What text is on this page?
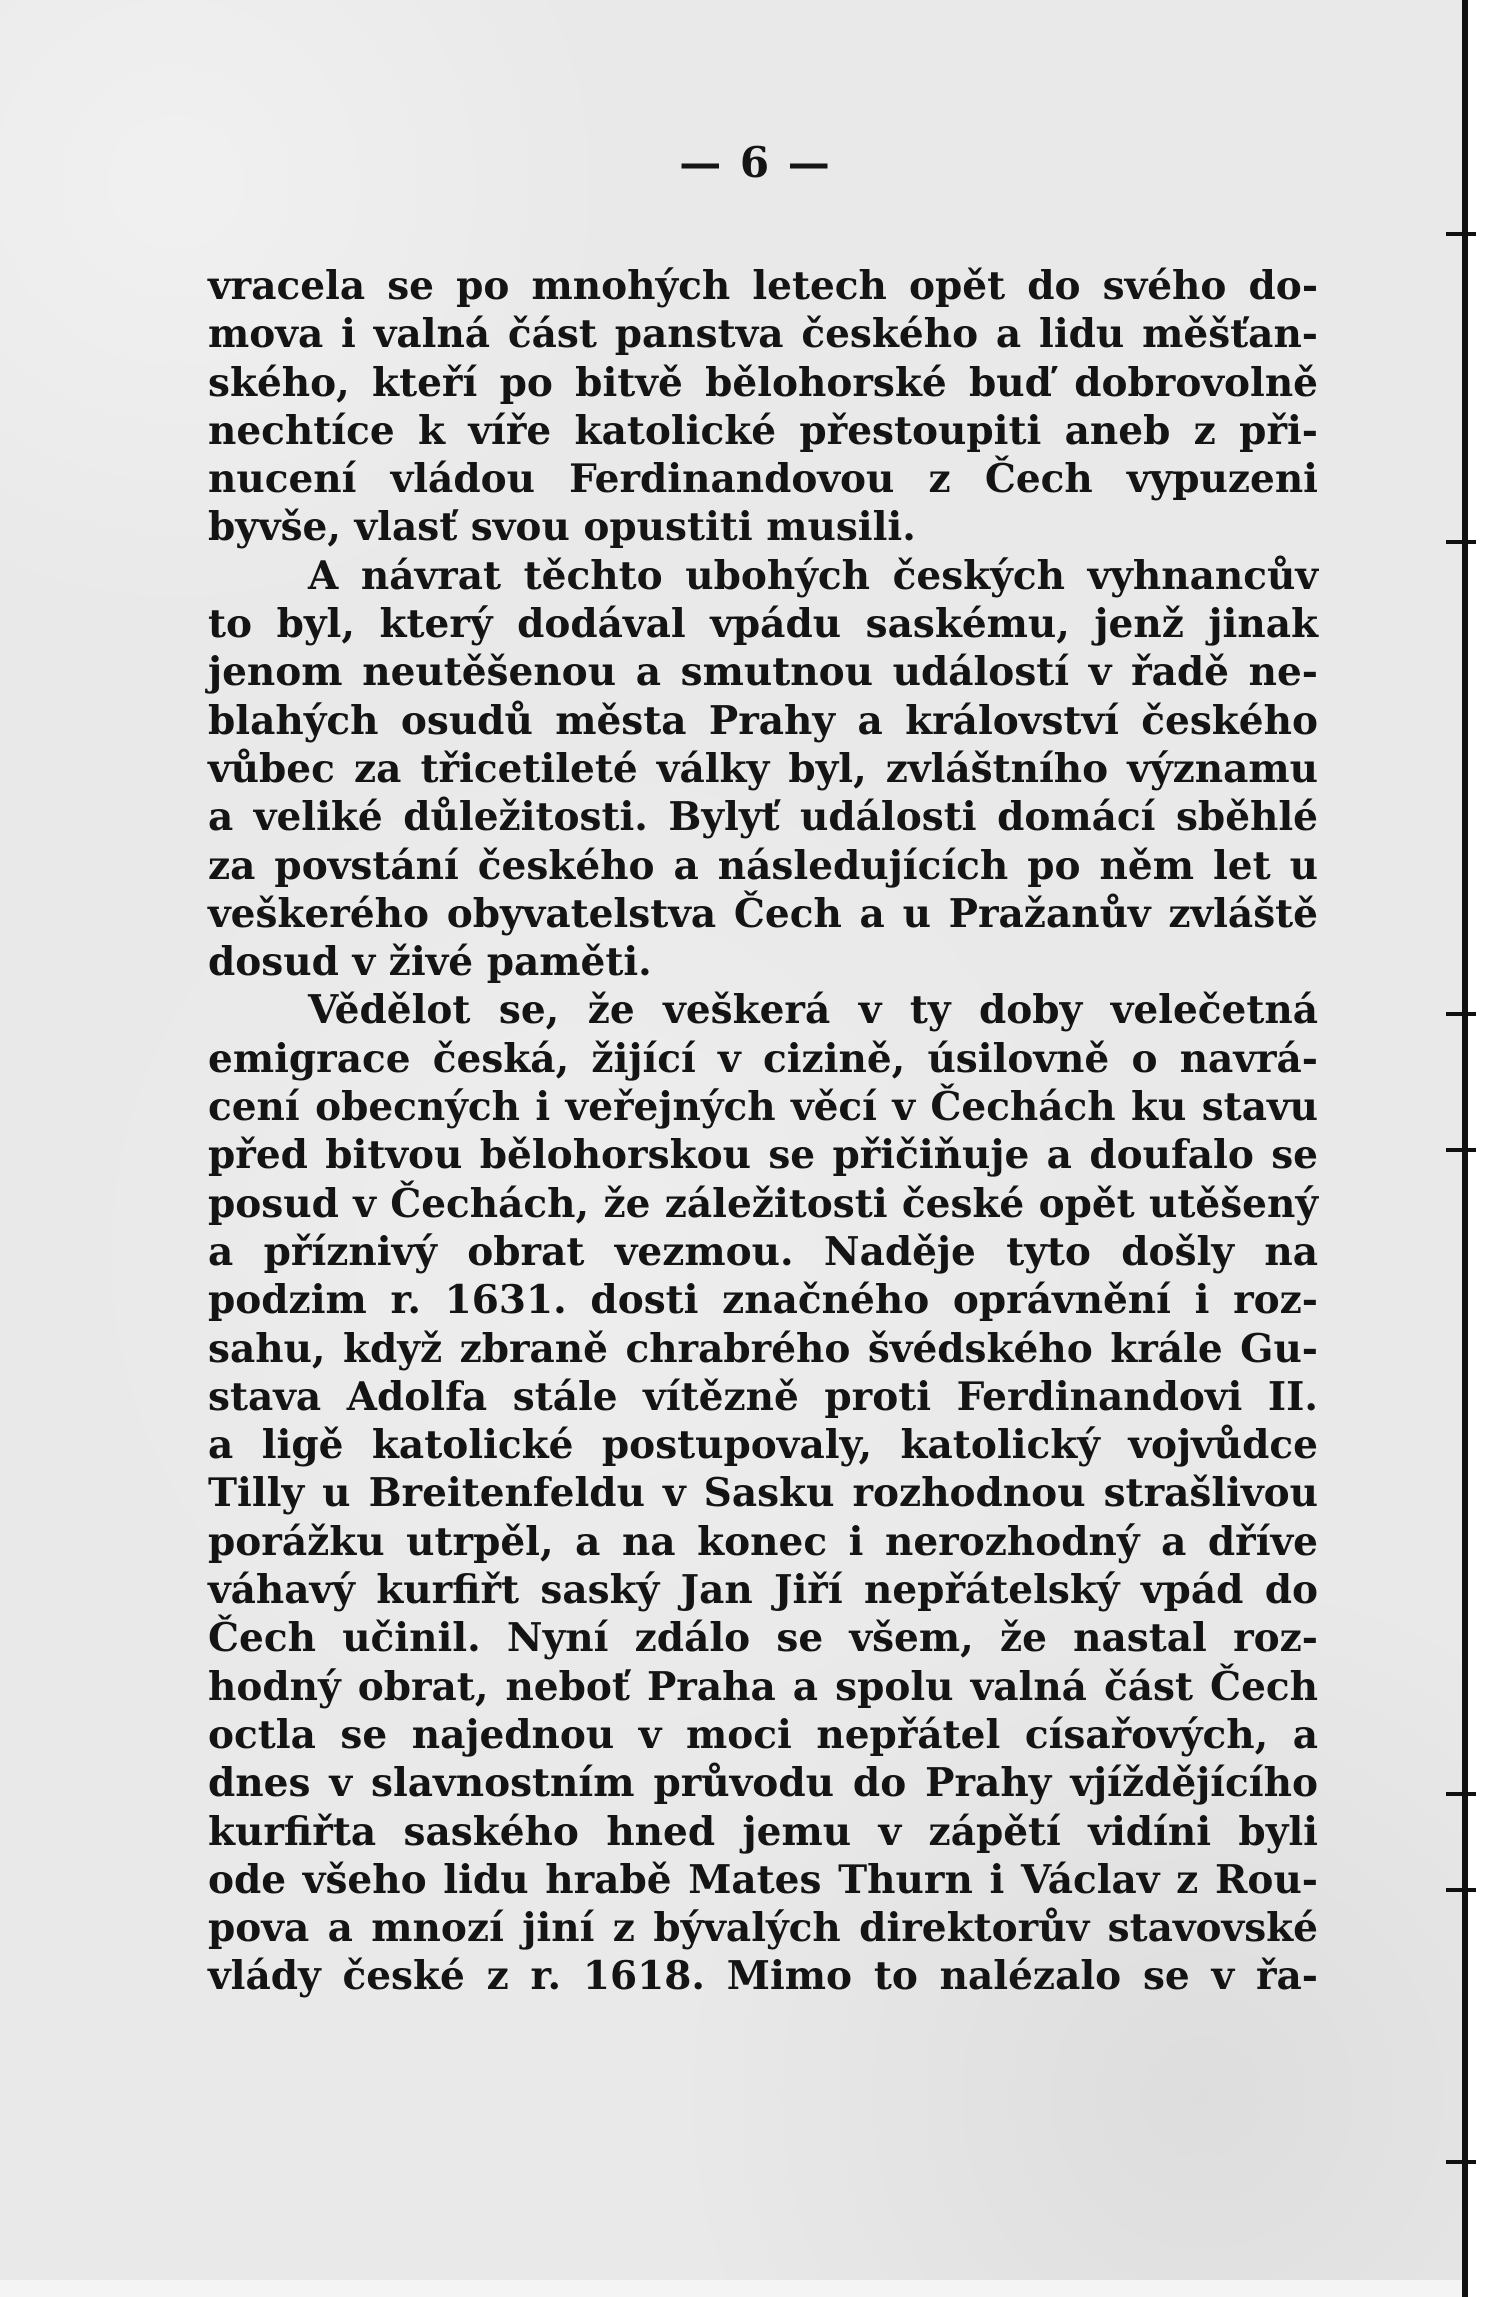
— 6 —
vracela se po mnohých letech opět do svého do-
mova i valná část panstva českého a lidu měšťan-
ského, kteří po bitvě bělohorské buď dobrovolně
nechtíce k víře katolické přestoupiti aneb z při-
nucení vládou Ferdinandovou z Čech vypuzeni
byvše, vlasť svou opustiti musili.
A návrat těchto ubohých českých vyhnancův
to byl, který dodával vpádu saskému, jenž jinak
jenom neutěšenou a smutnou událostí v řadě ne-
blahých osudů města Prahy a království českého
vůbec za třicetileté války byl, zvláštního významu
a veliké důležitosti. Bylyť události domácí sběhlé
za povstání českého a následujících po něm let u
veškerého obyvatelstva Čech a u Pražanův zvláště
dosud v živé paměti.
Vědělot se, že veškerá v ty doby velečetná
emigrace česká, žijící v cizině, úsilovně o navrá-
cení obecných i veřejných věcí v Čechách ku stavu
před bitvou bělohorskou se přičiňuje a doufalo se
posud v Čechách, že záležitosti české opět utěšený
a příznivý obrat vezmou. Naděje tyto došly na
podzim r. 1631. dosti značného oprávnění i roz-
sahu, když zbraně chrabrého švédského krále Gu-
stava Adolfa stále vítězně proti Ferdinandovi II.
a ligě katolické postupovaly, katolický vojvůdce
Tilly u Breitenfeldu v Sasku rozhodnou strašlivou
porážku utrpěl, a na konec i nerozhodný a dříve
váhavý kurfiřt saský Jan Jiří nepřátelský vpád do
Čech učinil. Nyní zdálo se všem, že nastal roz-
hodný obrat, neboť Praha a spolu valná část Čech
octla se najednou v moci nepřátel císařových, a
dnes v slavnostním průvodu do Prahy vjíždějícího
kurfiřta saského hned jemu v zápětí vidíni byli
ode všeho lidu hrabě Mates Thurn i Václav z Rou-
pova a mnozí jiní z bývalých direktorův stavovské
vlády české z r. 1618. Mimo to nalézalo se v řa-
